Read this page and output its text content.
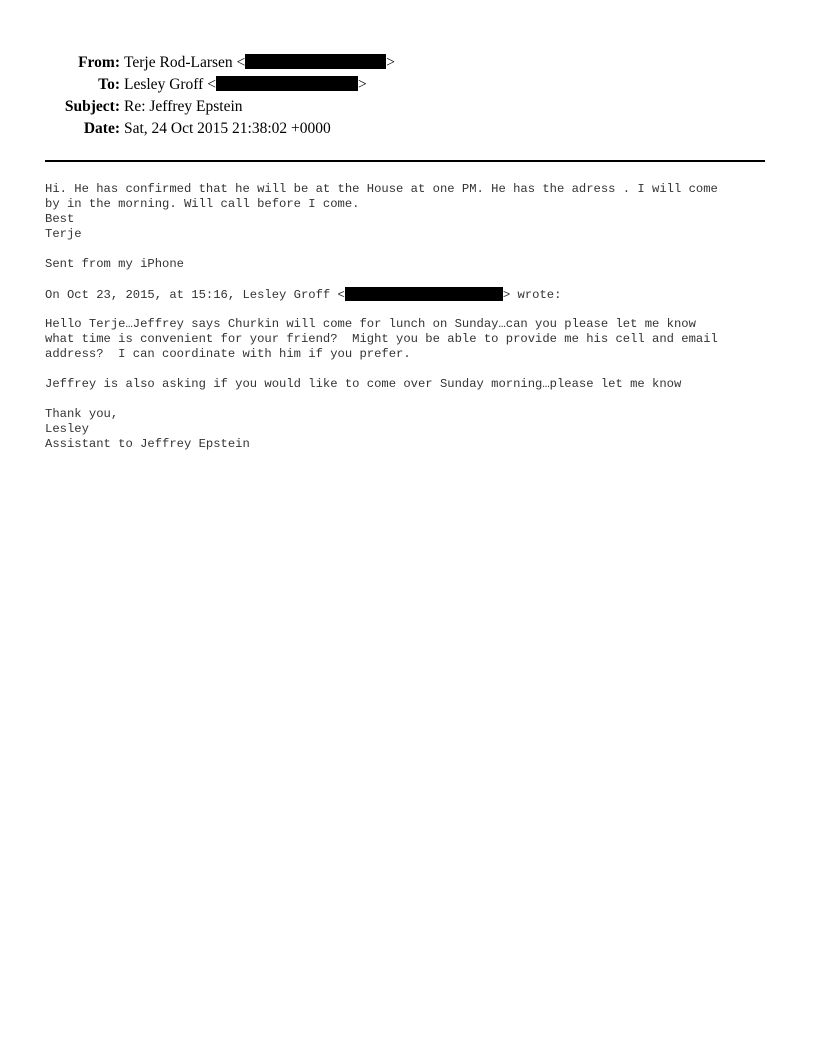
From: Terje Rod-Larsen <	>
To: Lesley Groff <	>
Subject: Re: Jeffrey Epstein
Date: Sat, 24 Oct 2015 21:38:02 +0000
Hi. He has confirmed that he will be at the House at one PM. He has the adress . I will come
by in the morning. Will call before I come.
Best
Terje
Sent from my iPhone
On Oct 23, 2015, at 15:16, Lesley Groff <	> wrote:
Hello Terje…Jeffrey says Churkin will come for lunch on Sunday…can you please let me know
what time is convenient for your friend?  Might you be able to provide me his cell and email
address?  I can coordinate with him if you prefer.
Jeffrey is also asking if you would like to come over Sunday morning…please let me know
Thank you,
Lesley
Assistant to Jeffrey Epstein
